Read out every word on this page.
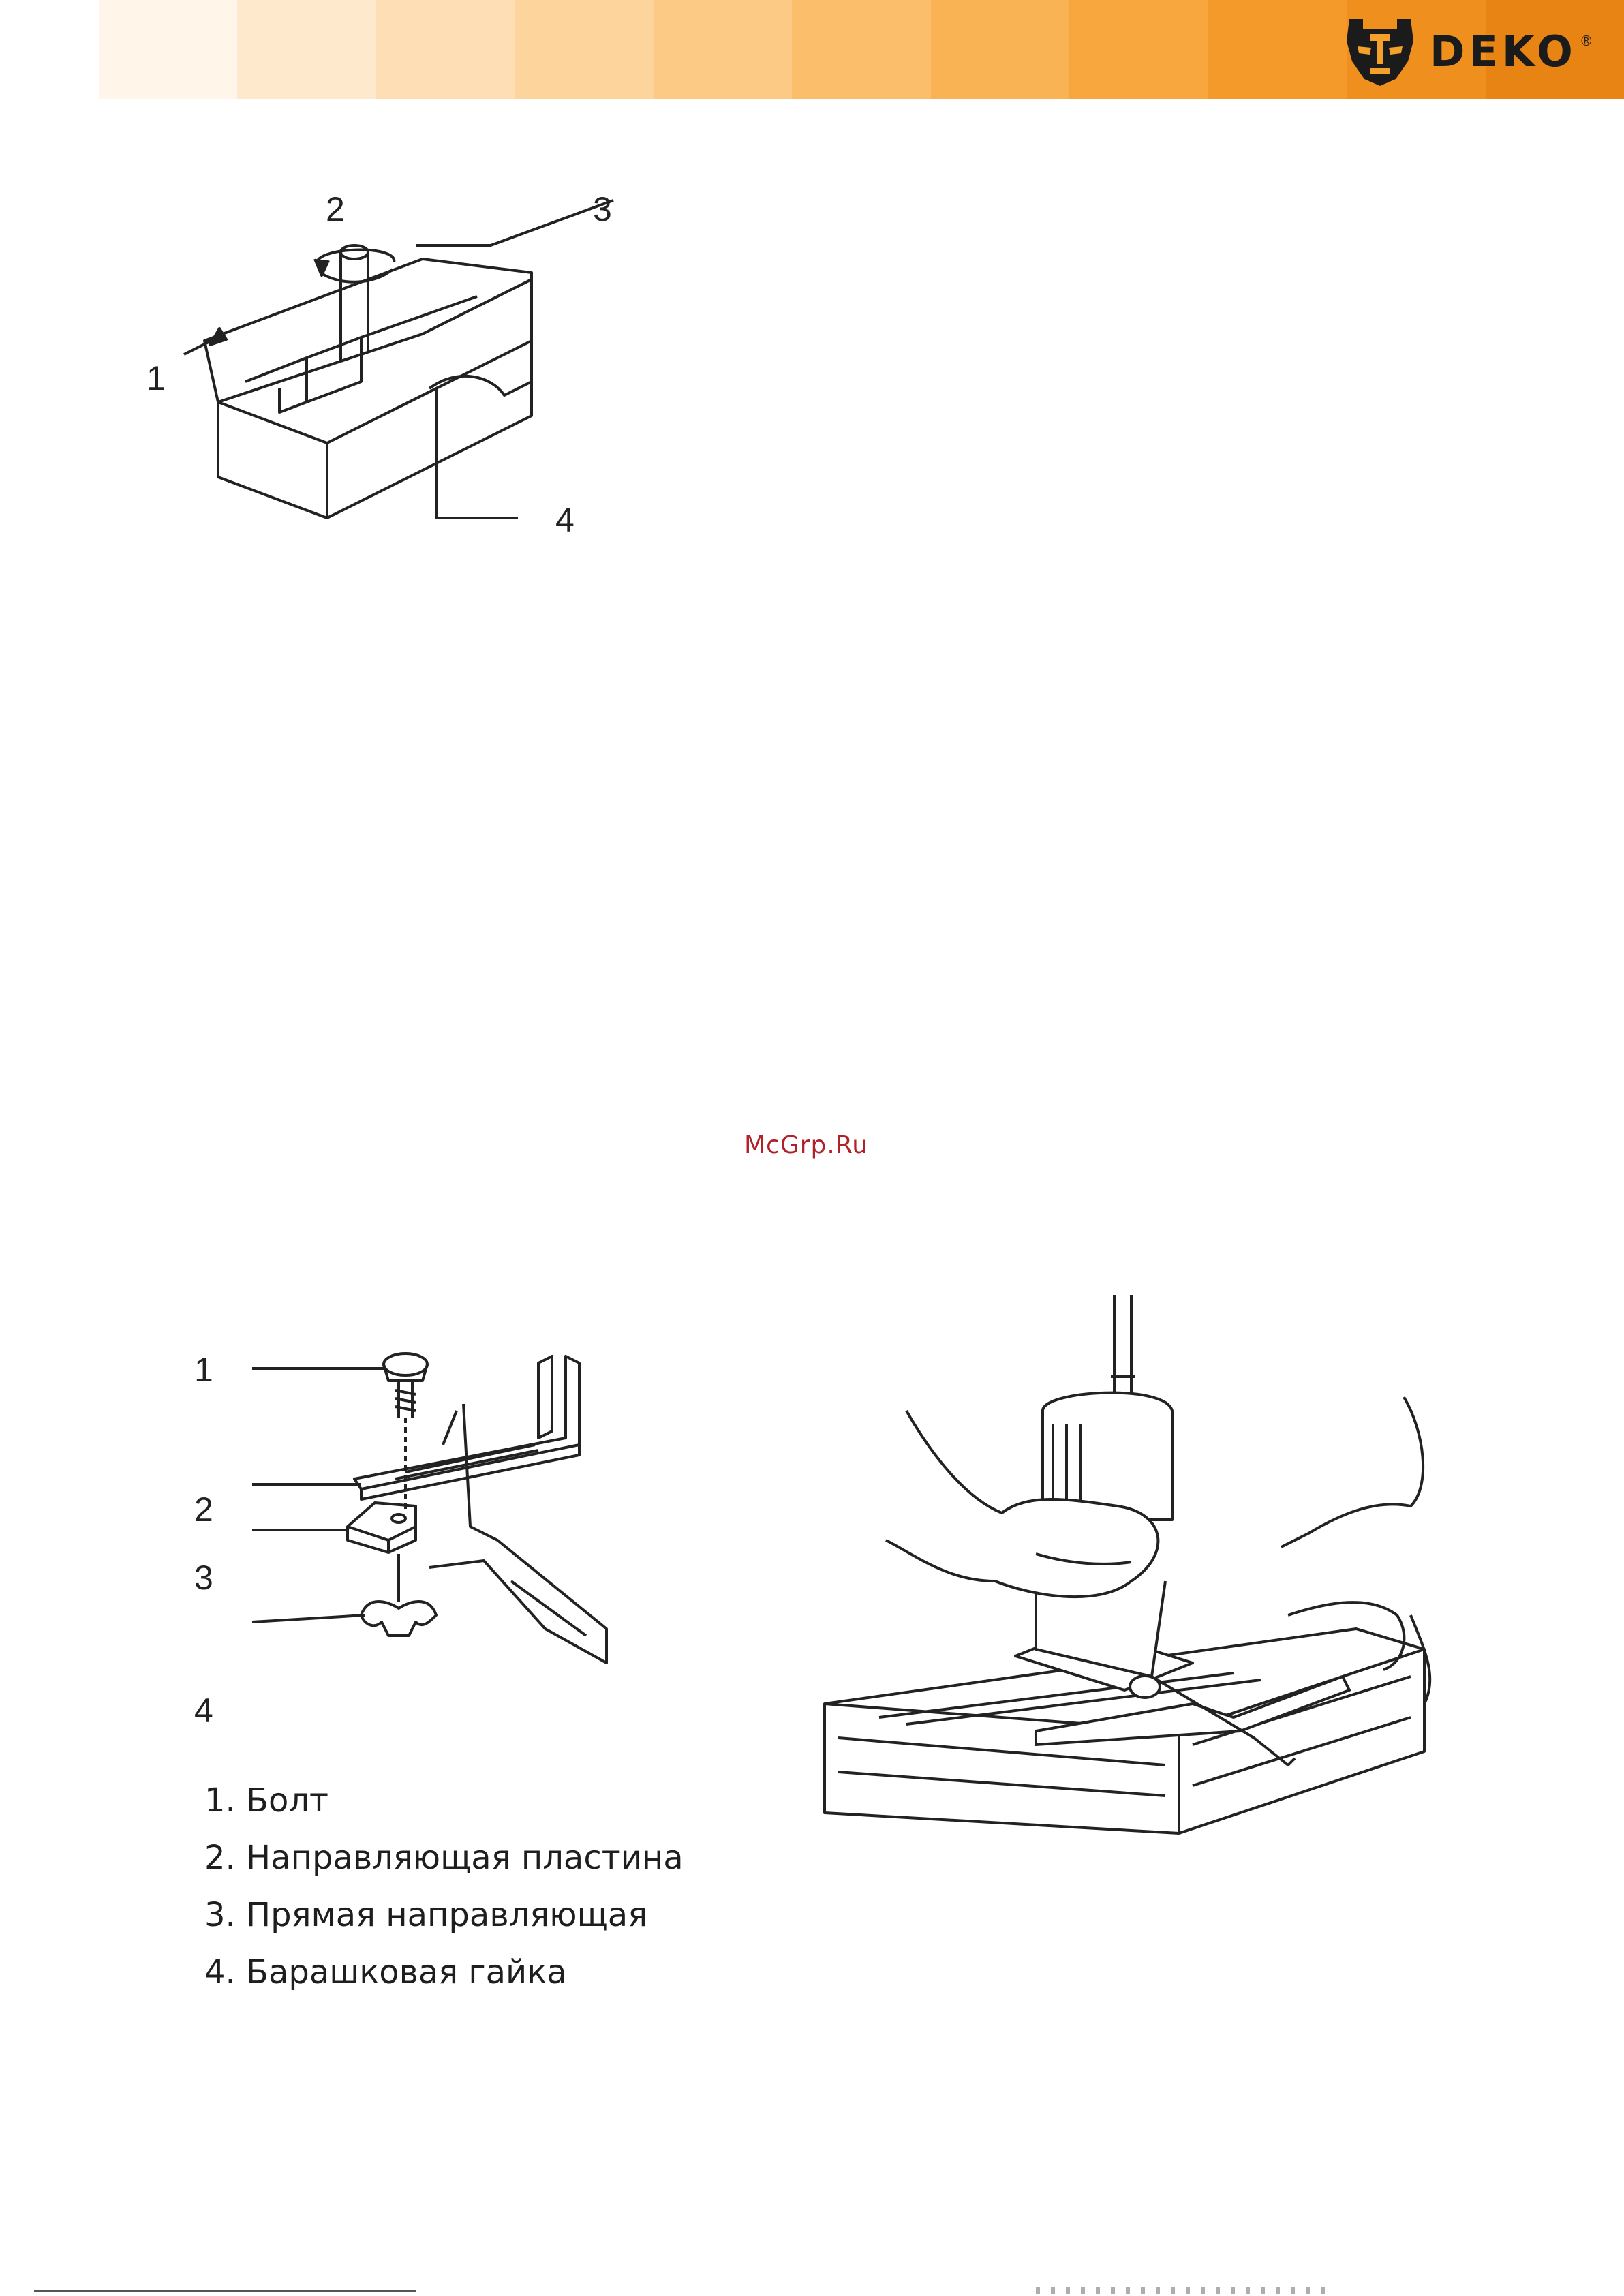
DEKO ®
1
2	3
4
McGrp.Ru
1
2
3
4
1. Болт
2. Направляющая пластина
3. Прямая направляющая
4. Барашковая гайка
